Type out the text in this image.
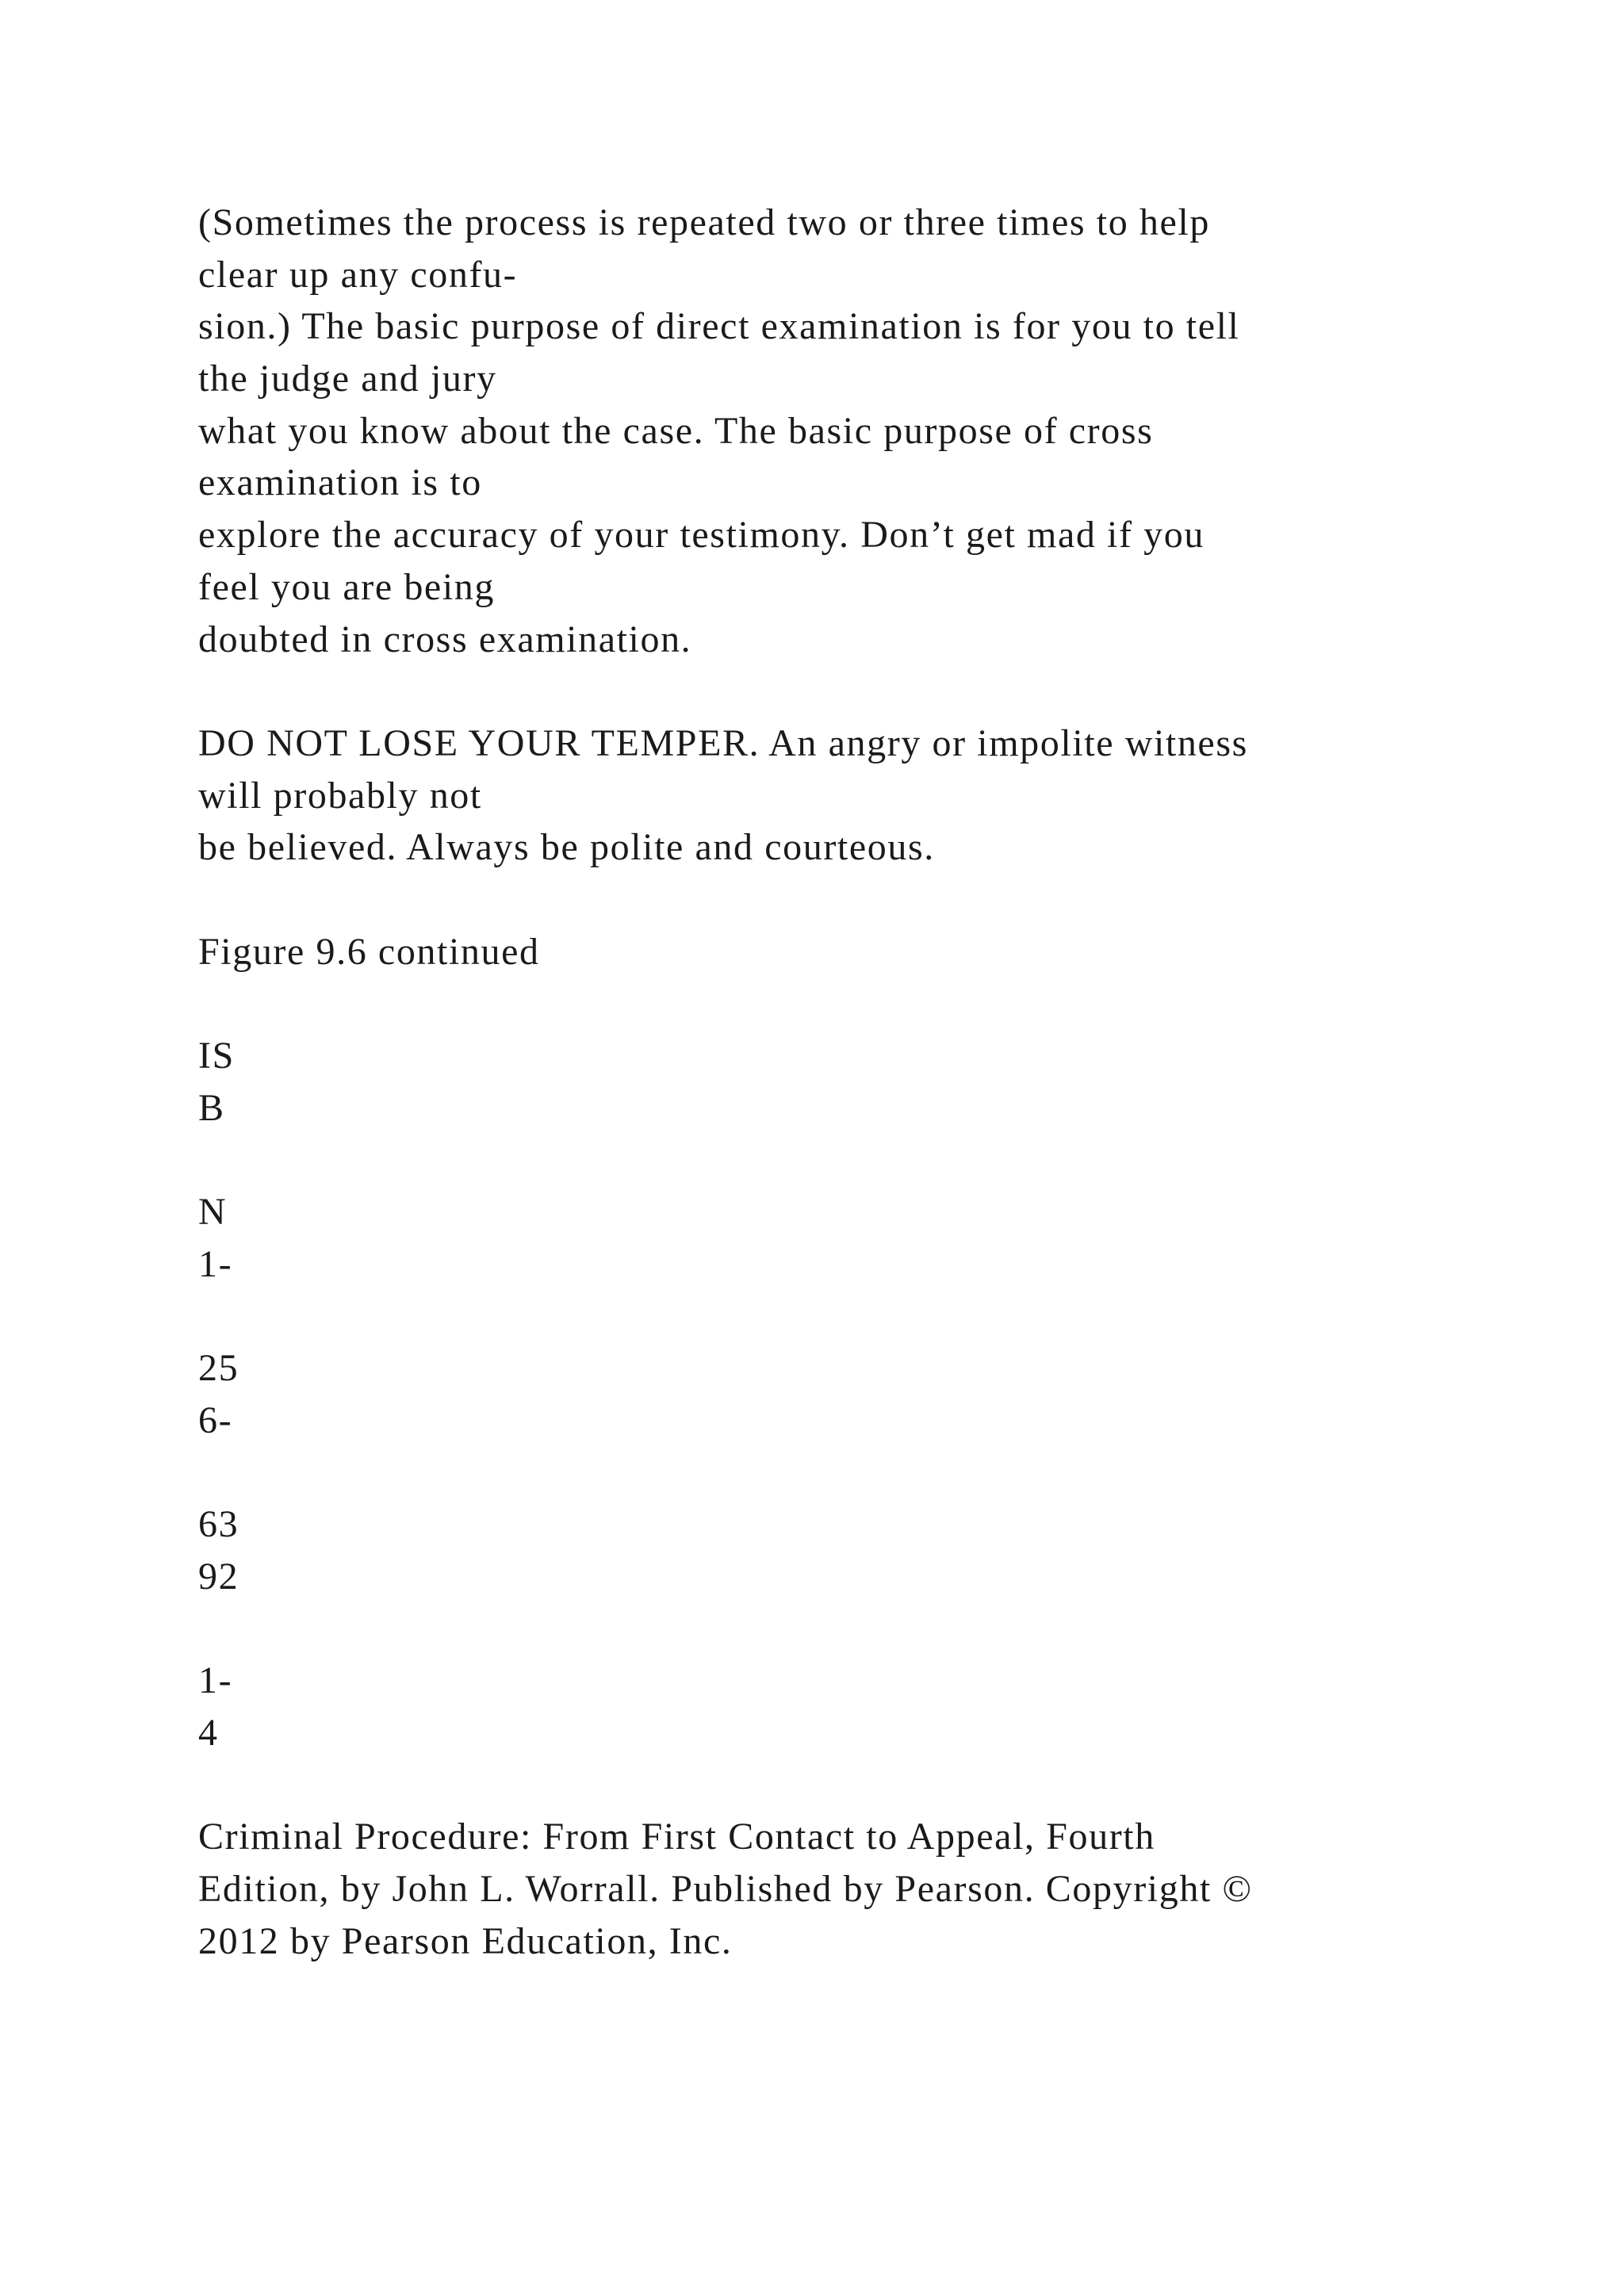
(Sometimes the process is repeated two or three times to help
clear up any confu-
sion.) The basic purpose of direct examination is for you to tell
the judge and jury
what you know about the case. The basic purpose of cross
examination is to
explore the accuracy of your testimony. Don’t get mad if you
feel you are being
doubted in cross examination.
DO NOT LOSE YOUR TEMPER. An angry or impolite witness
will probably not
be believed. Always be polite and courteous.
Figure 9.6 continued
IS
B
N
1-
25
6-
63
92
1-
4
Criminal Procedure: From First Contact to Appeal, Fourth
Edition, by John L. Worrall. Published by Pearson. Copyright ©
2012 by Pearson Education, Inc.
